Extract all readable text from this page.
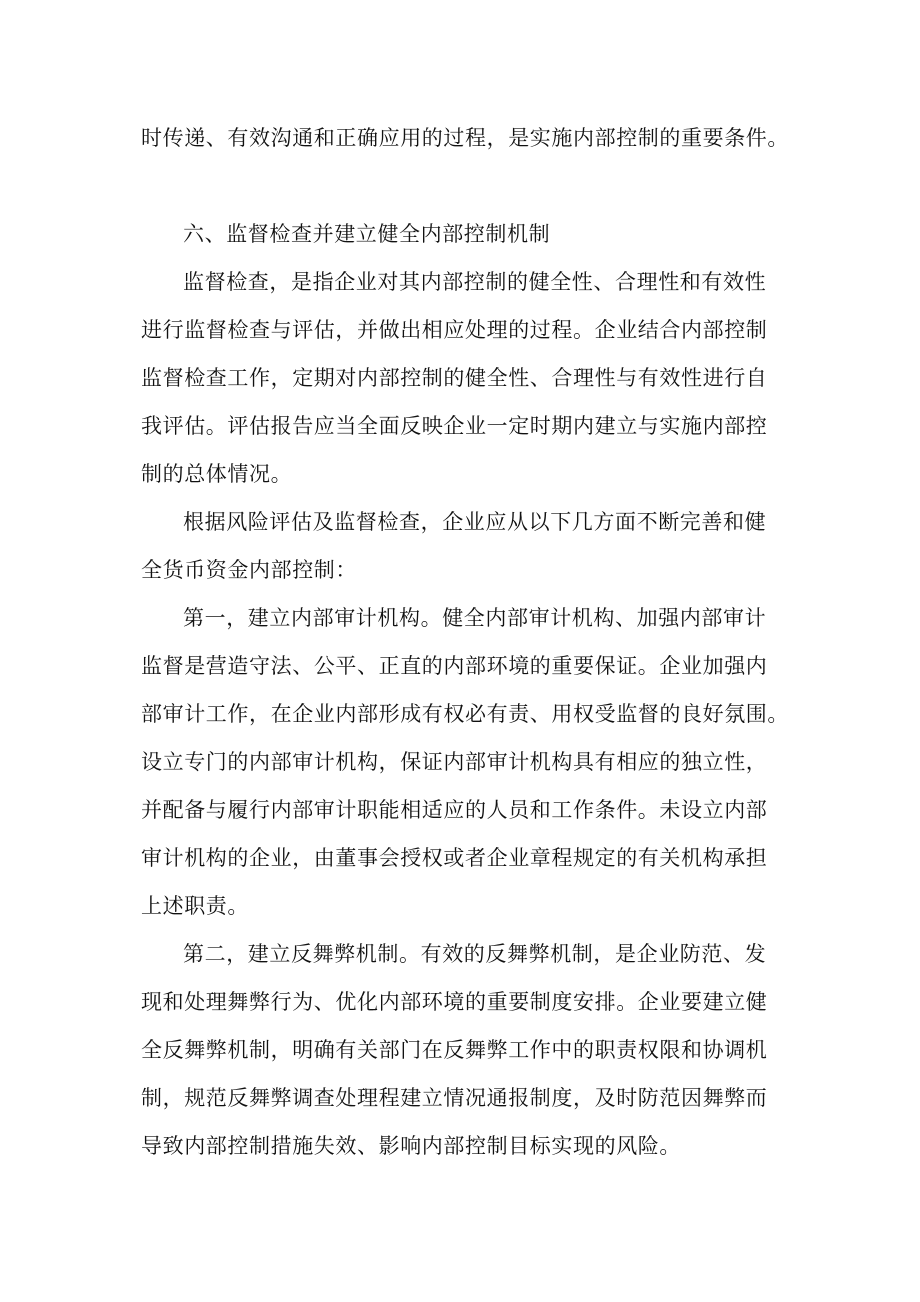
时传递、有效沟通和正确应用的过程，是实施内部控制的重要条件。
六、监督检查并建立健全内部控制机制
监督检查，是指企业对其内部控制的健全性、合理性和有效性
进行监督检查与评估，并做出相应处理的过程。企业结合内部控制
监督检查工作，定期对内部控制的健全性、合理性与有效性进行自
我评估。评估报告应当全面反映企业一定时期内建立与实施内部控
制的总体情况。
根据风险评估及监督检查，企业应从以下几方面不断完善和健
全货币资金内部控制：
第一，建立内部审计机构。健全内部审计机构、加强内部审计
监督是营造守法、公平、正直的内部环境的重要保证。企业加强内
部审计工作，在企业内部形成有权必有责、用权受监督的良好氛围。
设立专门的内部审计机构，保证内部审计机构具有相应的独立性，
并配备与履行内部审计职能相适应的人员和工作条件。未设立内部
审计机构的企业，由董事会授权或者企业章程规定的有关机构承担
上述职责。
第二，建立反舞弊机制。有效的反舞弊机制，是企业防范、发
现和处理舞弊行为、优化内部环境的重要制度安排。企业要建立健
全反舞弊机制，明确有关部门在反舞弊工作中的职责权限和协调机
制，规范反舞弊调查处理程建立情况通报制度，及时防范因舞弊而
导致内部控制措施失效、影响内部控制目标实现的风险。
